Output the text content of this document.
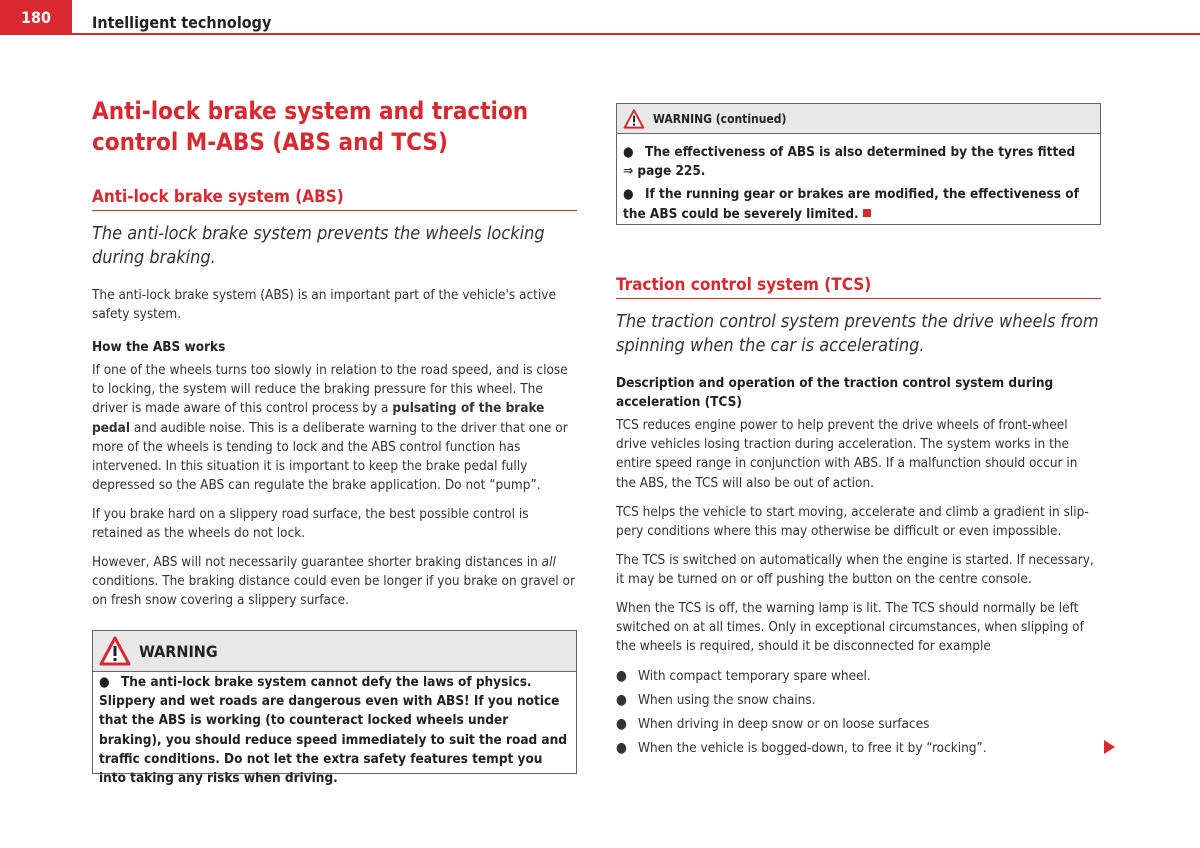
180	Intelligent technology
Anti-lock brake system and traction control M-ABS (ABS and TCS)
Anti-lock brake system (ABS)

The anti-lock brake system prevents the wheels locking during braking.

The anti-lock brake system (ABS) is an important part of the vehicle's active safety system.

How the ABS works

If one of the wheels turns too slowly in relation to the road speed, and is close to locking, the system will reduce the braking pressure for this wheel. The driver is made aware of this control process by a pulsating of the brake pedal and audible noise. This is a deliberate warning to the driver that one or more of the wheels is tending to lock and the ABS control function has intervened. In this situation it is important to keep the brake pedal fully depressed so the ABS can regulate the brake application. Do not “pump”.

If you brake hard on a slippery road surface, the best possible control is retained as the wheels do not lock.

However, ABS will not necessarily guarantee shorter braking distances in all conditions. The braking distance could even be longer if you brake on gravel or on fresh snow covering a slippery surface.

WARNING
● The anti-lock brake system cannot defy the laws of physics. Slippery and wet roads are dangerous even with ABS! If you notice that the ABS is working (to counteract locked wheels under braking), you should reduce speed immediately to suit the road and traffic conditions. Do not let the extra safety features tempt you into taking any risks when driving.
WARNING (continued)
● The effectiveness of ABS is also determined by the tyres fitted
⇒ page 225.
● If the running gear or brakes are modified, the effectiveness of the ABS could be severely limited.
Traction control system (TCS)

The traction control system prevents the drive wheels from spinning when the car is accelerating.

Description and operation of the traction control system during acceleration (TCS)

TCS reduces engine power to help prevent the drive wheels of front-wheel drive vehicles losing traction during acceleration. The system works in the entire speed range in conjunction with ABS. If a malfunction should occur in the ABS, the TCS will also be out of action.

TCS helps the vehicle to start moving, accelerate and climb a gradient in slippery conditions where this may otherwise be difficult or even impossible.

The TCS is switched on automatically when the engine is started. If necessary, it may be turned on or off pushing the button on the centre console.

When the TCS is off, the warning lamp is lit. The TCS should normally be left switched on at all times. Only in exceptional circumstances, when slipping of the wheels is required, should it be disconnected for example

● With compact temporary spare wheel.
● When using the snow chains.
● When driving in deep snow or on loose surfaces
● When the vehicle is bogged-down, to free it by “rocking”.
